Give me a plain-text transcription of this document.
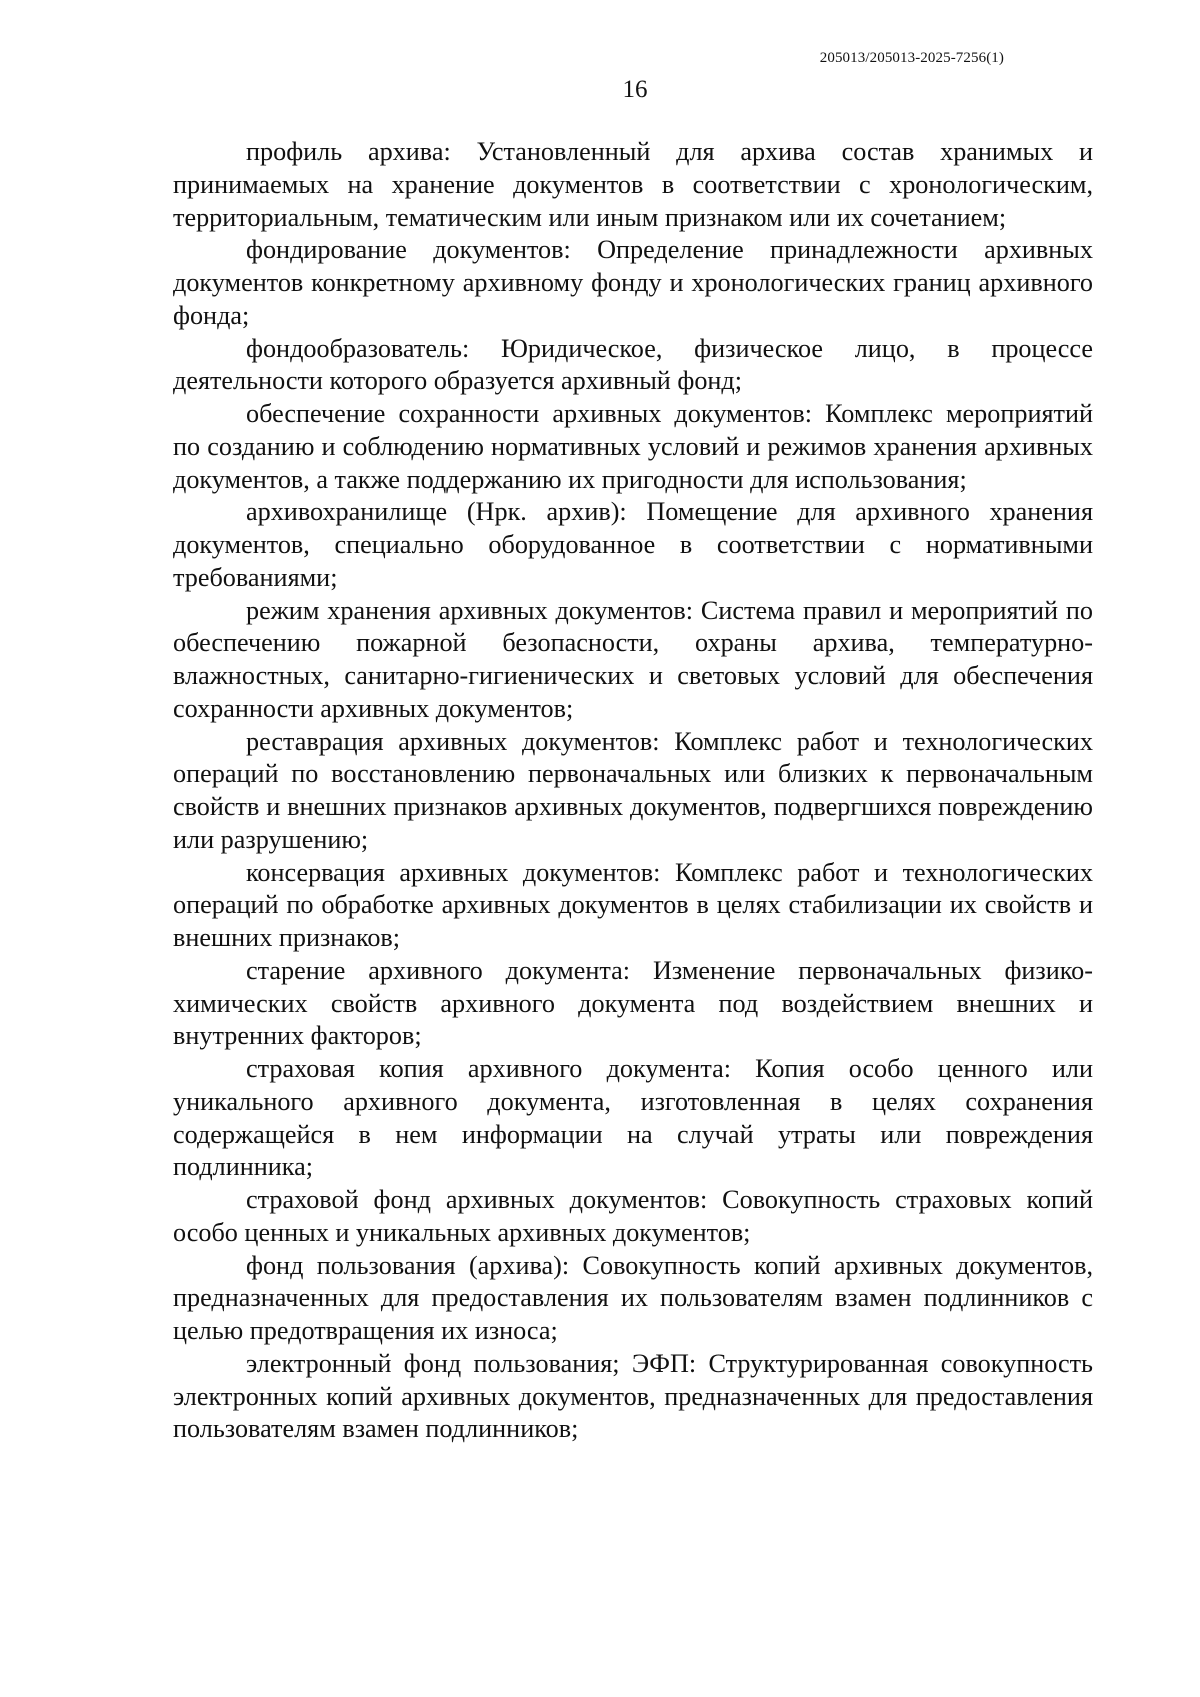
205013/205013-2025-7256(1)
16

профиль архива: Установленный для архива состав хранимых и принимаемых на хранение документов в соответствии с хронологическим, территориальным, тематическим или иным признаком или их сочетанием;

фондирование документов: Определение принадлежности архивных документов конкретному архивному фонду и хронологических границ архивного фонда;

фондообразователь: Юридическое, физическое лицо, в процессе деятельности которого образуется архивный фонд;

обеспечение сохранности архивных документов: Комплекс мероприятий по созданию и соблюдению нормативных условий и режимов хранения архивных документов, а также поддержанию их пригодности для использования;

архивохранилище (Нрк. архив): Помещение для архивного хранения документов, специально оборудованное в соответствии с нормативными требованиями;

режим хранения архивных документов: Система правил и мероприятий по обеспечению пожарной безопасности, охраны архива, температурно-влажностных, санитарно-гигиенических и световых условий для обеспечения сохранности архивных документов;

реставрация архивных документов: Комплекс работ и технологических операций по восстановлению первоначальных или близких к первоначальным свойств и внешних признаков архивных документов, подвергшихся повреждению или разрушению;

консервация архивных документов: Комплекс работ и технологических операций по обработке архивных документов в целях стабилизации их свойств и внешних признаков;

старение архивного документа: Изменение первоначальных физико-химических свойств архивного документа под воздействием внешних и внутренних факторов;

страховая копия архивного документа: Копия особо ценного или уникального архивного документа, изготовленная в целях сохранения содержащейся в нем информации на случай утраты или повреждения подлинника;

страховой фонд архивных документов: Совокупность страховых копий особо ценных и уникальных архивных документов;

фонд пользования (архива): Совокупность копий архивных документов, предназначенных для предоставления их пользователям взамен подлинников с целью предотвращения их износа;

электронный фонд пользования; ЭФП: Структурированная совокупность электронных копий архивных документов, предназначенных для предоставления пользователям взамен подлинников;
